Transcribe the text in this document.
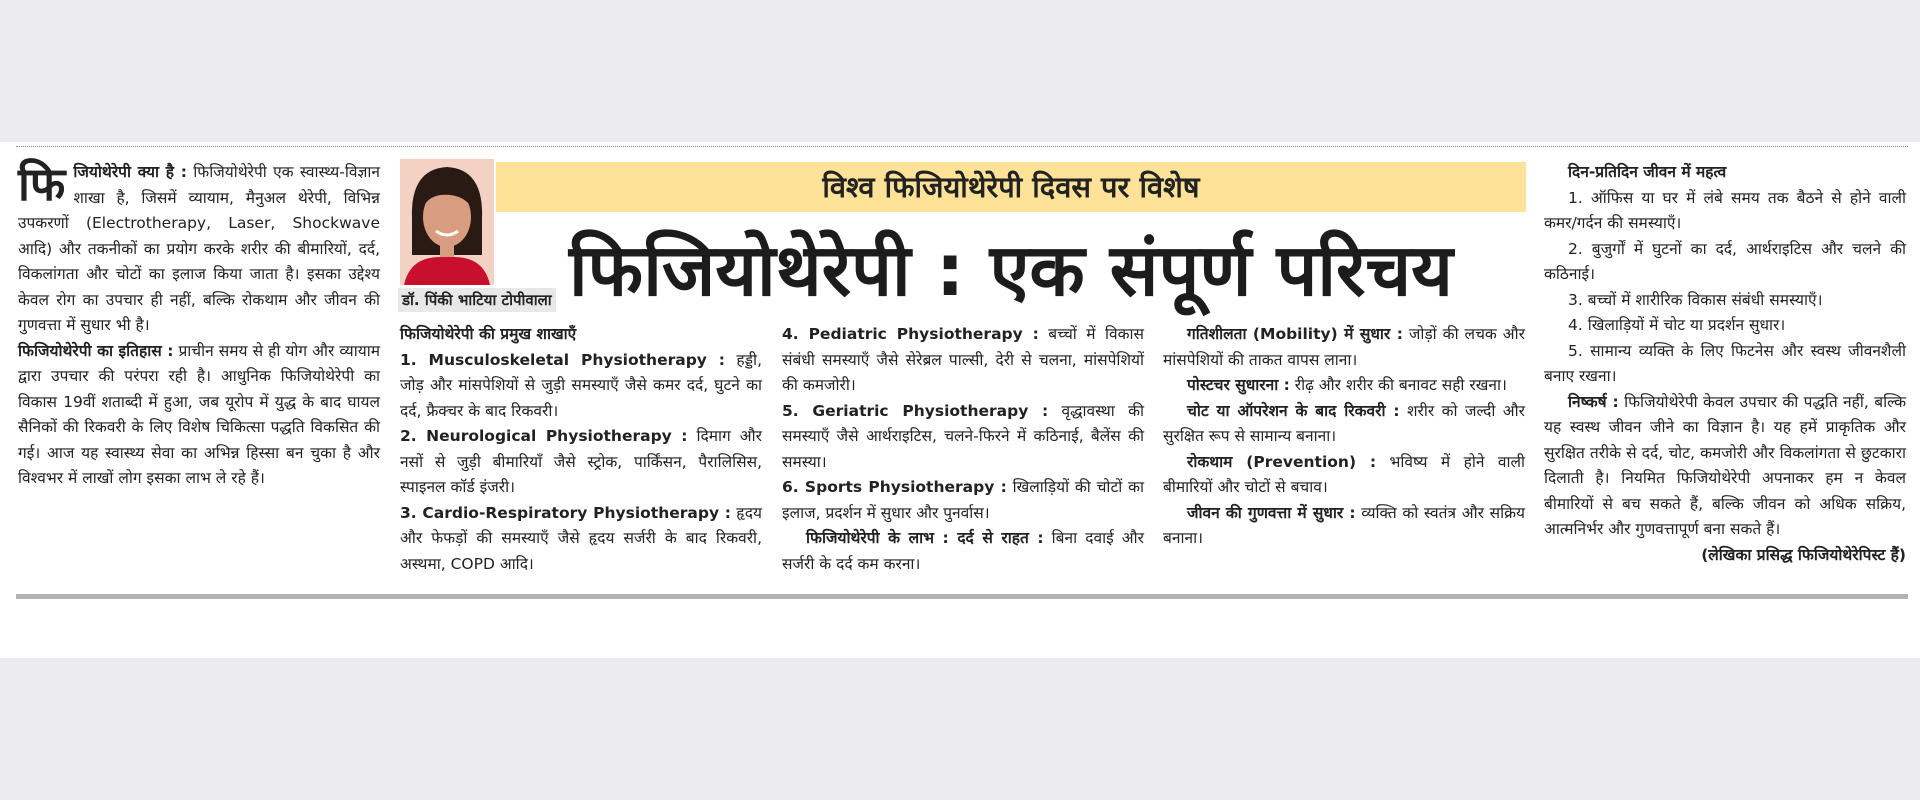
फिजियोथेरेपी क्या है : फिजियोथेरेपी एक स्वास्थ्य-विज्ञान शाखा है, जिसमें व्यायाम, मैनुअल थेरेपी, विभिन्न उपकरणों (Electrotherapy, Laser, Shockwave आदि) और तकनीकों का प्रयोग करके शरीर की बीमारियों, दर्द, विकलांगता और चोटों का इलाज किया जाता है। इसका उद्देश्य केवल रोग का उपचार ही नहीं, बल्कि रोकथाम और जीवन की गुणवत्ता में सुधार भी है।

फिजियोथेरेपी का इतिहास : प्राचीन समय से ही योग और व्यायाम द्वारा उपचार की परंपरा रही है। आधुनिक फिजियोथेरेपी का विकास 19वीं शताब्दी में हुआ, जब यूरोप में युद्ध के बाद घायल सैनिकों की रिकवरी के लिए विशेष चिकित्सा पद्धति विकसित की गई। आज यह स्वास्थ्य सेवा का अभिन्न हिस्सा बन चुका है और विश्वभर में लाखों लोग इसका लाभ ले रहे हैं।

डॉ. पिंकी भाटिया टोपीवाला
विश्व फिजियोथेरेपी दिवस पर विशेष
फिजियोथेरेपी : एक संपूर्ण परिचय

फिजियोथेरेपी की प्रमुख शाखाएँ

1. Musculoskeletal Physiotherapy : हड्डी, जोड़ और मांसपेशियों से जुड़ी समस्याएँ जैसे कमर दर्द, घुटने का दर्द, फ्रैक्चर के बाद रिकवरी।

2. Neurological Physiotherapy : दिमाग और नसों से जुड़ी बीमारियाँ जैसे स्ट्रोक, पार्किंसन, पैरालिसिस, स्पाइनल कॉर्ड इंजरी।

3. Cardio-Respiratory Physiotherapy : हृदय और फेफड़ों की समस्याएँ जैसे हृदय सर्जरी के बाद रिकवरी, अस्थमा, COPD आदि।

4. Pediatric Physiotherapy : बच्चों में विकास संबंधी समस्याएँ जैसे सेरेब्रल पाल्सी, देरी से चलना, मांसपेशियों की कमजोरी।

5. Geriatric Physiotherapy : वृद्धावस्था की समस्याएँ जैसे आर्थराइटिस, चलने-फिरने में कठिनाई, बैलेंस की समस्या।

6. Sports Physiotherapy : खिलाड़ियों की चोटों का इलाज, प्रदर्शन में सुधार और पुनर्वास।

फिजियोथेरेपी के लाभ : दर्द से राहत : बिना दवाई और सर्जरी के दर्द कम करना।

गतिशीलता (Mobility) में सुधार : जोड़ों की लचक और मांसपेशियों की ताकत वापस लाना।

पोस्टचर सुधारना : रीढ़ और शरीर की बनावट सही रखना।

चोट या ऑपरेशन के बाद रिकवरी : शरीर को जल्दी और सुरक्षित रूप से सामान्य बनाना।

रोकथाम (Prevention) : भविष्य में होने वाली बीमारियों और चोटों से बचाव।

जीवन की गुणवत्ता में सुधार : व्यक्ति को स्वतंत्र और सक्रिय बनाना।

दिन-प्रतिदिन जीवन में महत्व

1. ऑफिस या घर में लंबे समय तक बैठने से होने वाली कमर/गर्दन की समस्याएँ।

2. बुजुर्गों में घुटनों का दर्द, आर्थराइटिस और चलने की कठिनाई।

3. बच्चों में शारीरिक विकास संबंधी समस्याएँ।

4. खिलाड़ियों में चोट या प्रदर्शन सुधार।

5. सामान्य व्यक्ति के लिए फिटनेस और स्वस्थ जीवनशैली बनाए रखना।

निष्कर्ष : फिजियोथेरेपी केवल उपचार की पद्धति नहीं, बल्कि यह स्वस्थ जीवन जीने का विज्ञान है। यह हमें प्राकृतिक और सुरक्षित तरीके से दर्द, चोट, कमजोरी और विकलांगता से छुटकारा दिलाती है। नियमित फिजियोथेरेपी अपनाकर हम न केवल बीमारियों से बच सकते हैं, बल्कि जीवन को अधिक सक्रिय, आत्मनिर्भर और गुणवत्तापूर्ण बना सकते हैं।
(लेखिका प्रसिद्ध फिजियोथेरेपिस्ट हैं)
